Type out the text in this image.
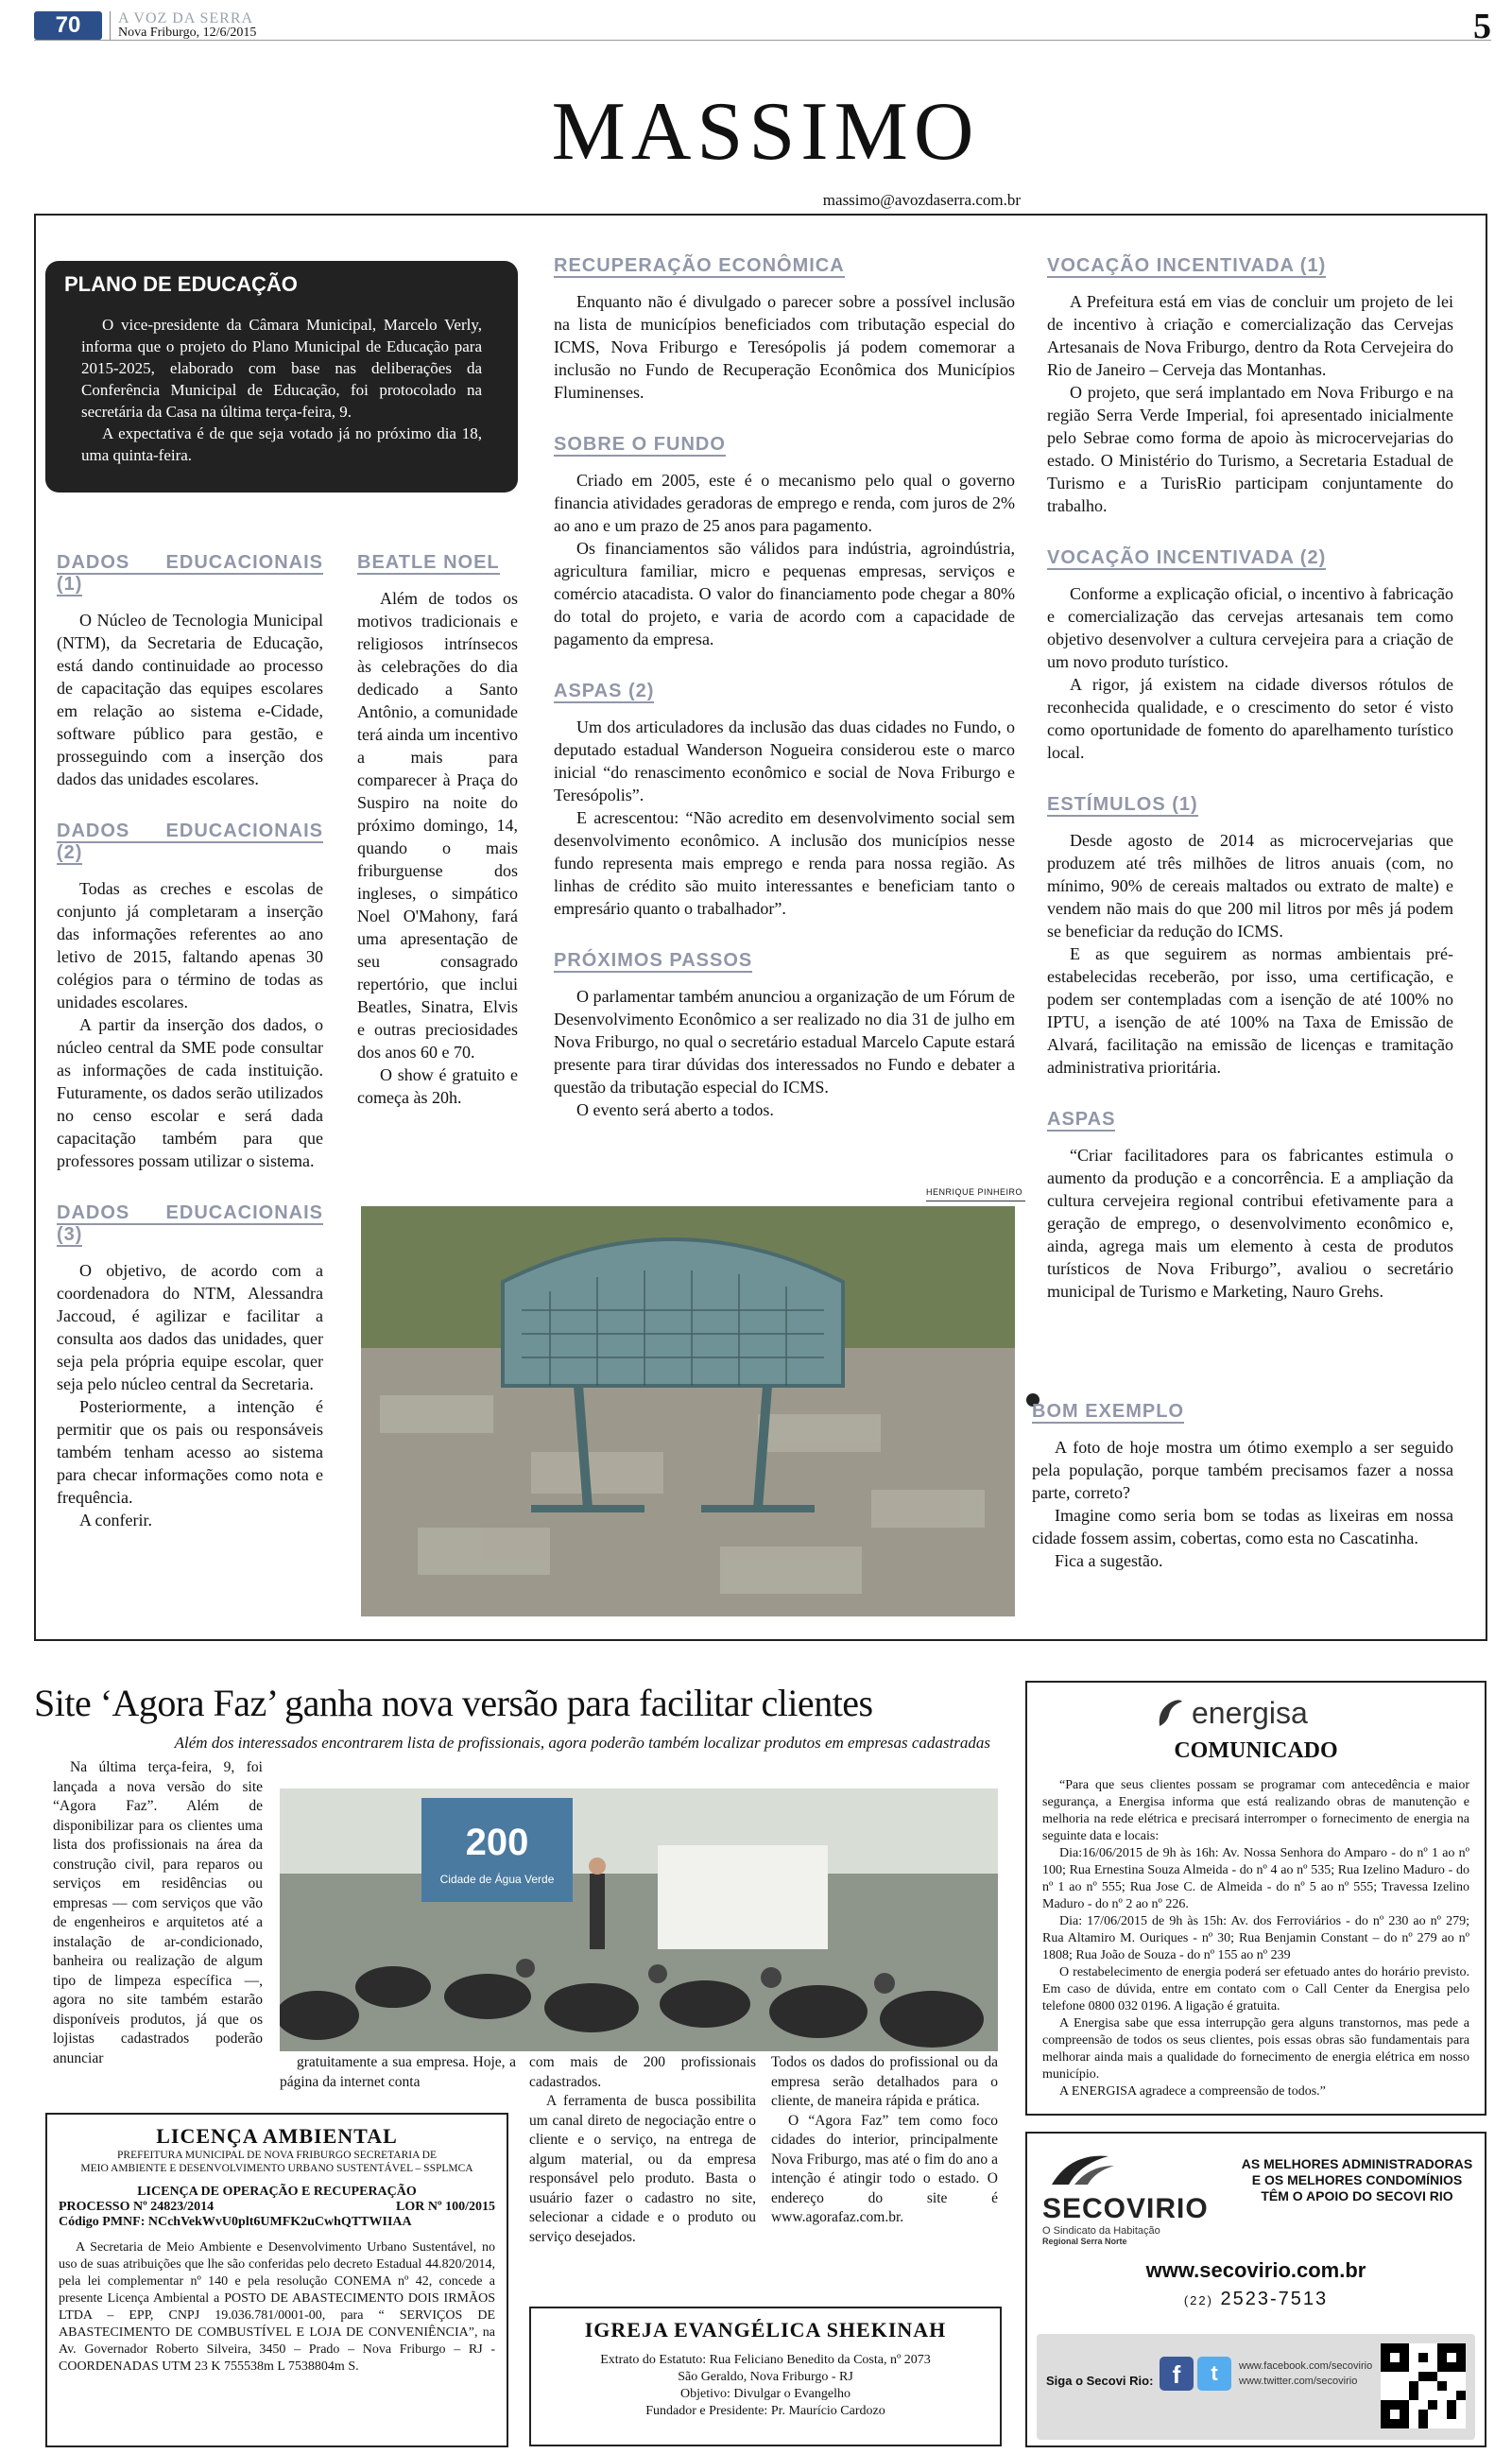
70	A VOZ DA SERRA
Nova Friburgo, 12/6/2015	5
MASSIMO
massimo@avozdaserra.com.br
PLANO DE EDUCAÇÃO

O vice-presidente da Câmara Municipal, Marcelo Verly, informa que o projeto do Plano Municipal de Educação para 2015-2025, elaborado com base nas deliberações da Conferência Municipal de Educação, foi protocolado na secretária da Casa na última terça-feira, 9.

A expectativa é de que seja votado já no próximo dia 18, uma quinta-feira.

DADOS EDUCACIONAIS (1)

O Núcleo de Tecnologia Municipal (NTM), da Secretaria de Educação, está dando continuidade ao processo de capacitação das equipes escolares em relação ao sistema e-Cidade, software público para gestão, e prosseguindo com a inserção dos dados das unidades escolares.

DADOS EDUCACIONAIS (2)

Todas as creches e escolas de conjunto já completaram a inserção das informações referentes ao ano letivo de 2015, faltando apenas 30 colégios para o término de todas as unidades escolares.

A partir da inserção dos dados, o núcleo central da SME pode consultar as informações de cada instituição. Futuramente, os dados serão utilizados no censo escolar e será dada capacitação também para que professores possam utilizar o sistema.

DADOS EDUCACIONAIS (3)

O objetivo, de acordo com a coordenadora do NTM, Alessandra Jaccoud, é agilizar e facilitar a consulta aos dados das unidades, quer seja pela própria equipe escolar, quer seja pelo núcleo central da Secretaria.

Posteriormente, a intenção é permitir que os pais ou responsáveis também tenham acesso ao sistema para checar informações como nota e frequência.

A conferir.

BEATLE NOEL

Além de todos os motivos tradicionais e religiosos intrínsecos às celebrações do dia dedicado a Santo Antônio, a comunidade terá ainda um incentivo a mais para comparecer à Praça do Suspiro na noite do próximo domingo, 14, quando o mais friburguense dos ingleses, o simpático Noel O'Mahony, fará uma apresentação de seu consagrado repertório, que inclui Beatles, Sinatra, Elvis e outras preciosidades dos anos 60 e 70.

O show é gratuito e começa às 20h.

RECUPERAÇÃO ECONÔMICA

Enquanto não é divulgado o parecer sobre a possível inclusão na lista de municípios beneficiados com tributação especial do ICMS, Nova Friburgo e Teresópolis já podem comemorar a inclusão no Fundo de Recuperação Econômica dos Municípios Fluminenses.

SOBRE O FUNDO

Criado em 2005, este é o mecanismo pelo qual o governo financia atividades geradoras de emprego e renda, com juros de 2% ao ano e um prazo de 25 anos para pagamento.

Os financiamentos são válidos para indústria, agroindústria, agricultura familiar, micro e pequenas empresas, serviços e comércio atacadista. O valor do financiamento pode chegar a 80% do total do projeto, e varia de acordo com a capacidade de pagamento da empresa.

ASPAS (2)

Um dos articuladores da inclusão das duas cidades no Fundo, o deputado estadual Wanderson Nogueira considerou este o marco inicial “do renascimento econômico e social de Nova Friburgo e Teresópolis”.

E acrescentou: “Não acredito em desenvolvimento social sem desenvolvimento econômico. A inclusão dos municípios nesse fundo representa mais emprego e renda para nossa região. As linhas de crédito são muito interessantes e beneficiam tanto o empresário quanto o trabalhador”.

PRÓXIMOS PASSOS

O parlamentar também anunciou a organização de um Fórum de Desenvolvimento Econômico a ser realizado no dia 31 de julho em Nova Friburgo, no qual o secretário estadual Marcelo Capute estará presente para tirar dúvidas dos interessados no Fundo e debater a questão da tributação especial do ICMS.

O evento será aberto a todos.

HENRIQUE PINHEIRO
VOCAÇÃO INCENTIVADA (1)

A Prefeitura está em vias de concluir um projeto de lei de incentivo à criação e comercialização das Cervejas Artesanais de Nova Friburgo, dentro da Rota Cervejeira do Rio de Janeiro – Cerveja das Montanhas.

O projeto, que será implantado em Nova Friburgo e na região Serra Verde Imperial, foi apresentado inicialmente pelo Sebrae como forma de apoio às microcervejarias do estado. O Ministério do Turismo, a Secretaria Estadual de Turismo e a TurisRio participam conjuntamente do trabalho.

VOCAÇÃO INCENTIVADA (2)

Conforme a explicação oficial, o incentivo à fabricação e comercialização das cervejas artesanais tem como objetivo desenvolver a cultura cervejeira para a criação de um novo produto turístico.

A rigor, já existem na cidade diversos rótulos de reconhecida qualidade, e o crescimento do setor é visto como oportunidade de fomento do aparelhamento turístico local.

ESTÍMULOS (1)

Desde agosto de 2014 as microcervejarias que produzem até três milhões de litros anuais (com, no mínimo, 90% de cereais maltados ou extrato de malte) e vendem não mais do que 200 mil litros por mês já podem se beneficiar da redução do ICMS.

E as que seguirem as normas ambientais pré-estabelecidas receberão, por isso, uma certificação, e podem ser contempladas com a isenção de até 100% no IPTU, a isenção de até 100% na Taxa de Emissão de Alvará, facilitação na emissão de licenças e tramitação administrativa prioritária.

ASPAS

“Criar facilitadores para os fabricantes estimula o aumento da produção e a concorrência. E a ampliação da cultura cervejeira regional contribui efetivamente para a geração de emprego, o desenvolvimento econômico e, ainda, agrega mais um elemento à cesta de produtos turísticos de Nova Friburgo”, avaliou o secretário municipal de Turismo e Marketing, Nauro Grehs.

BOM EXEMPLO

A foto de hoje mostra um ótimo exemplo a ser seguido pela população, porque também precisamos fazer a nossa parte, correto?

Imagine como seria bom se todas as lixeiras em nossa cidade fossem assim, cobertas, como esta no Cascatinha.

Fica a sugestão.

Site ‘Agora Faz’ ganha nova versão para facilitar clientes
Além dos interessados encontrarem lista de profissionais, agora poderão também localizar produtos em empresas cadastradas

Na última terça-feira, 9, foi lançada a nova versão do site “Agora Faz”. Além de disponibilizar para os clientes uma lista dos profissionais na área da construção civil, para reparos ou serviços em residências ou empresas — com serviços que vão de engenheiros e arquitetos até a instalação de ar-condicionado, banheira ou realização de algum tipo de limpeza específica —, agora no site também estarão disponíveis produtos, já que os lojistas cadastrados poderão anunciar

200
Cidade de Água Verde

gratuitamente a sua empresa. Hoje, a página da internet conta

com mais de 200 profissionais cadastrados.

A ferramenta de busca possibilita um canal direto de negociação entre o cliente e o serviço, na entrega de algum material, ou da empresa responsável pelo produto. Basta o usuário fazer o cadastro no site, selecionar a cidade e o produto ou serviço desejados.

Todos os dados do profissional ou da empresa serão detalhados para o cliente, de maneira rápida e prática.

O “Agora Faz” tem como foco cidades do interior, principalmente Nova Friburgo, mas até o fim do ano a intenção é atingir todo o estado. O endereço do site é www.agorafaz.com.br.

energisa
COMUNICADO

“Para que seus clientes possam se programar com antecedência e maior segurança, a Energisa informa que está realizando obras de manutenção e melhoria na rede elétrica e precisará interromper o fornecimento de energia na seguinte data e locais:

Dia:16/06/2015 de 9h às 16h: Av. Nossa Senhora do Amparo - do nº 1 ao nº 100; Rua Ernestina Souza Almeida - do nº 4 ao nº 535; Rua Izelino Maduro - do nº 1 ao nº 555; Rua Jose C. de Almeida - do nº 5 ao nº 555; Travessa Izelino Maduro - do nº 2 ao nº 226.

Dia: 17/06/2015 de 9h às 15h: Av. dos Ferroviários - do nº 230 ao nº 279; Rua Altamiro M. Ouriques - nº 30; Rua Benjamin Constant – do nº 279 ao nº 1808; Rua João de Souza - do nº 155 ao nº 239

O restabelecimento de energia poderá ser efetuado antes do horário previsto. Em caso de dúvida, entre em contato com o Call Center da Energisa pelo telefone 0800 032 0196. A ligação é gratuita.

A Energisa sabe que essa interrupção gera alguns transtornos, mas pede a compreensão de todos os seus clientes, pois essas obras são fundamentais para melhorar ainda mais a qualidade do fornecimento de energia elétrica em nosso município.

A ENERGISA agradece a compreensão de todos.”

LICENÇA AMBIENTAL
PREFEITURA MUNICIPAL DE NOVA FRIBURGO SECRETARIA DE
MEIO AMBIENTE E DESENVOLVIMENTO URBANO SUSTENTÁVEL – SSPLMCA
LICENÇA DE OPERAÇÃO E RECUPERAÇÃO
PROCESSO Nº 24823/2014	LOR Nº 100/2015
Código PMNF: NCchVekWvU0plt6UMFK2uCwhQTTWIIAA

A Secretaria de Meio Ambiente e Desenvolvimento Urbano Sustentável, no uso de suas atribuições que lhe são conferidas pelo decreto Estadual 44.820/2014, pela lei complementar nº 140 e pela resolução CONEMA nº 42, concede a presente Licença Ambiental a POSTO DE ABASTECIMENTO DOIS IRMÃOS LTDA – EPP, CNPJ 19.036.781/0001-00, para “ SERVIÇOS DE ABASTECIMENTO DE COMBUSTÍVEL E LOJA DE CONVENIÊNCIA”, na Av. Governador Roberto Silveira, 3450 – Prado – Nova Friburgo – RJ - COORDENADAS UTM 23 K 755538m L 7538804m S.

IGREJA EVANGÉLICA SHEKINAH
Extrato do Estatuto: Rua Feliciano Benedito da Costa, nº 2073
São Geraldo, Nova Friburgo - RJ
Objetivo: Divulgar o Evangelho
Fundador e Presidente: Pr. Maurício Cardozo
SECOVIRIO
O Sindicato da Habitação
Regional Serra Norte
AS MELHORES ADMINISTRADORAS E OS MELHORES CONDOMÍNIOS TÊM O APOIO DO SECOVI RIO
www.secovirio.com.br
(22) 2523-7513
Siga o Secovi Rio: f	t	www.facebook.com/secovirio
www.twitter.com/secovirio
